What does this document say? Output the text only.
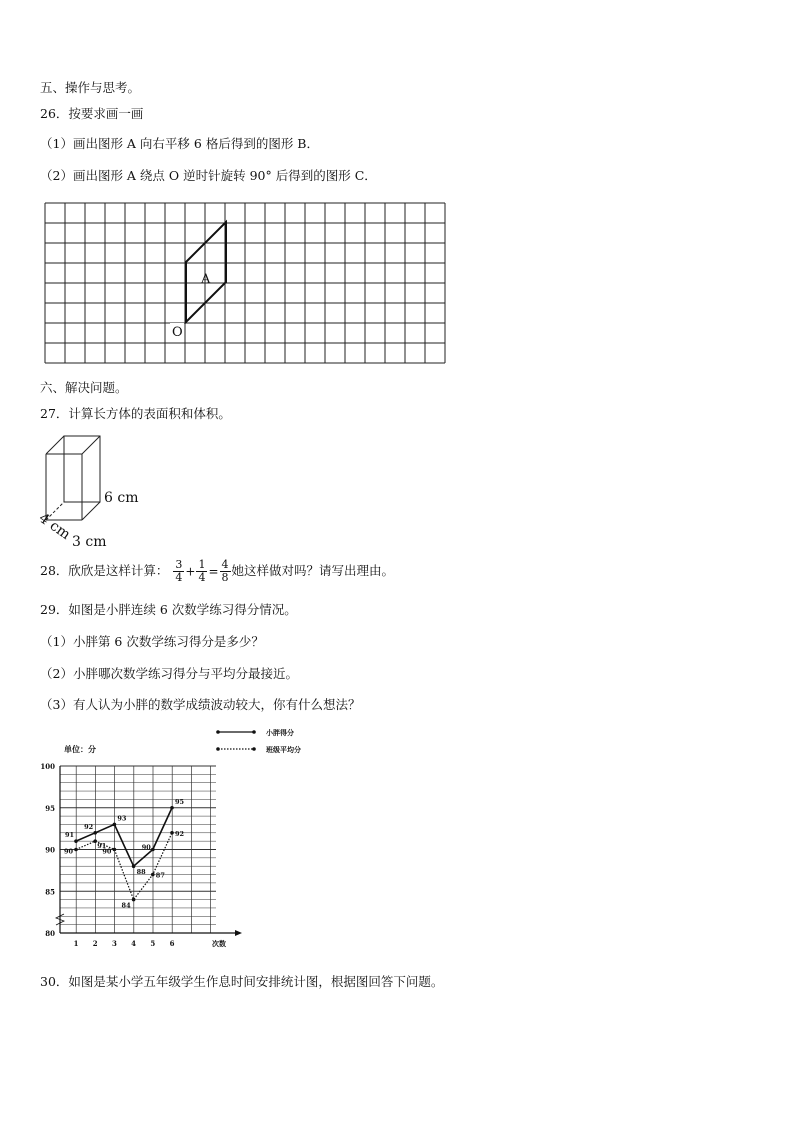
五、操作与思考。
26．按要求画一画
（1）画出图形 A 向右平移 6 格后得到的图形 B．
（2）画出图形 A 绕点 O 逆时针旋转 90° 后得到的图形 C．
A
O
六、解决问题。
27．计算长方体的表面积和体积。
6 cm
4 cm
3 cm
28．欣欣是这样计算： $\frac{3}{4} + \frac{1}{4} = \frac{4}{8}$ 她这样做对吗？请写出理由。
29．如图是小胖连续 6 次数学练习得分情况。
（1）小胖第 6 次数学练习得分是多少？
（2）小胖哪次数学练习得分与平均分最接近。
（3）有人认为小胖的数学成绩波动较大，你有什么想法？
单位：分
小胖得分
班级平均分
80
85
90
95
100
1 2 3 4 5 6	次数
91
92
93
88
90
95
90
91
90
84
87
92
30．如图是某小学五年级学生作息时间安排统计图，根据图回答下问题。
